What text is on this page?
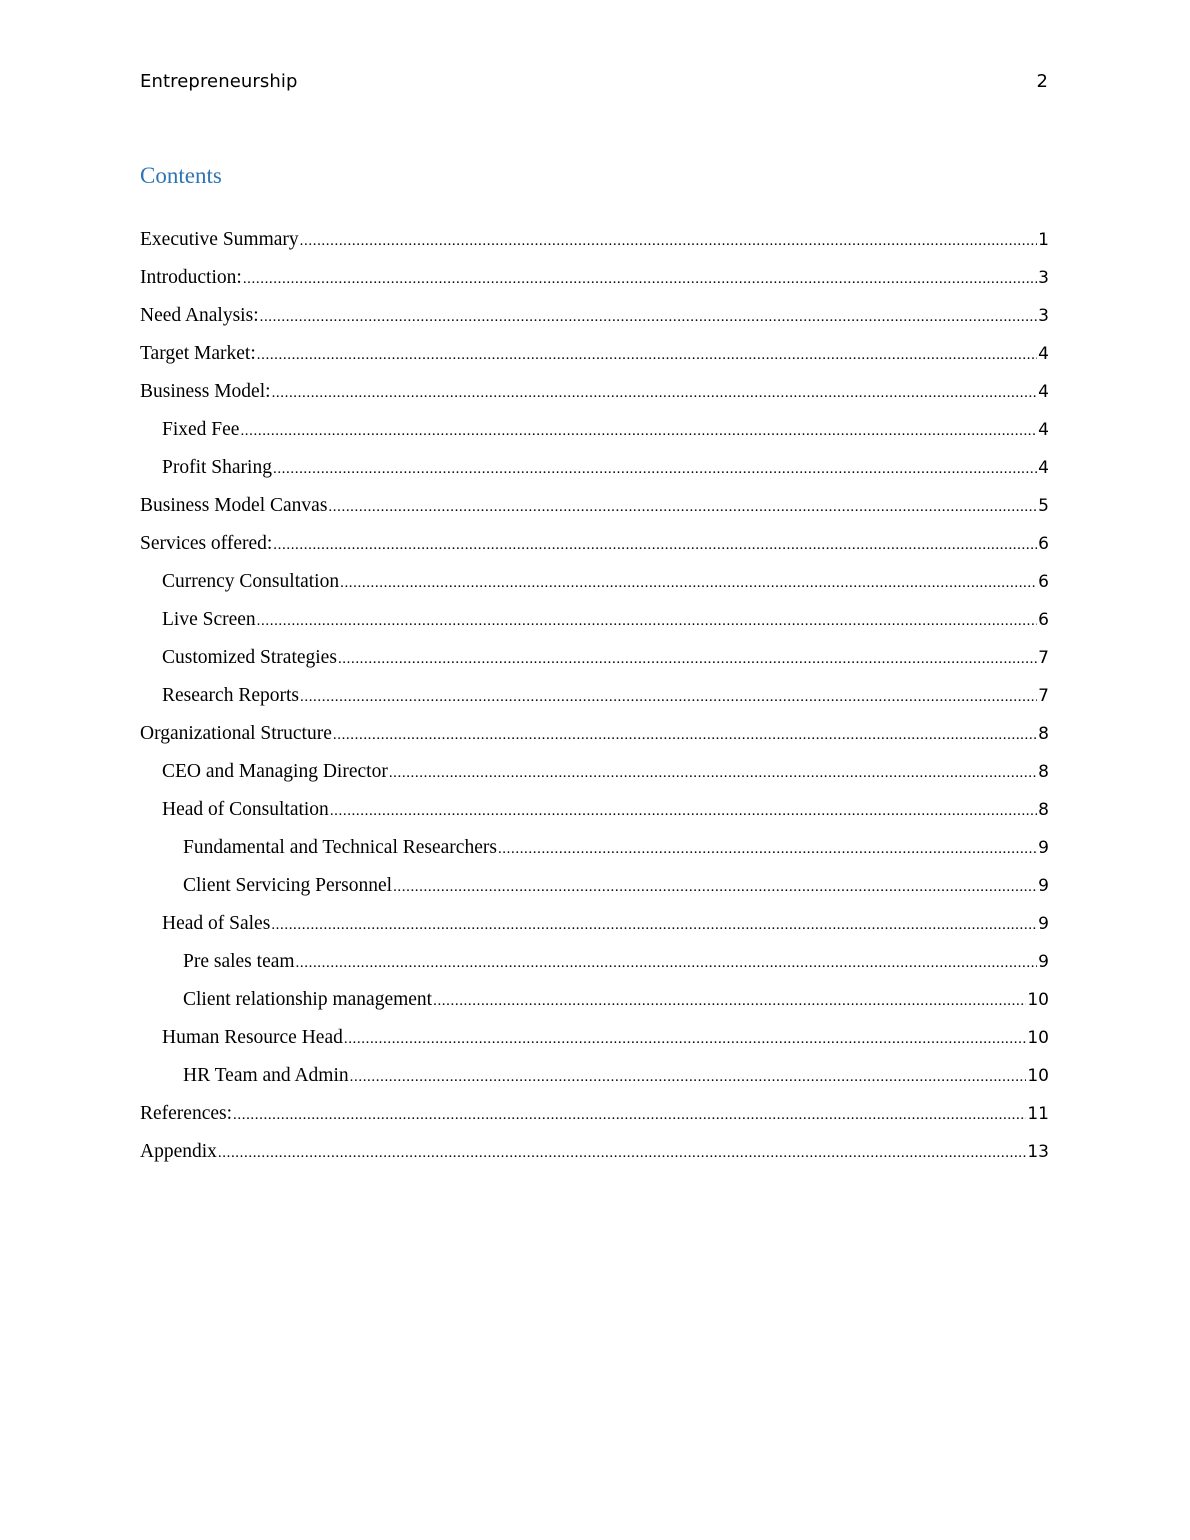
Entrepreneurship	2
Contents
Executive Summary .....	1
Introduction: .....	3
Need Analysis: .....	3
Target Market: .....	4
Business Model: .....	4
Fixed Fee .....	4
Profit Sharing .....	4
Business Model Canvas .....	5
Services offered: .....	6
Currency Consultation .....	6
Live Screen .....	6
Customized Strategies .....	7
Research Reports .....	7
Organizational Structure .....	8
CEO and Managing Director .....	8
Head of Consultation .....	8
Fundamental and Technical Researchers .....	9
Client Servicing Personnel .....	9
Head of Sales .....	9
Pre sales team .....	9
Client relationship management .....	10
Human Resource Head .....	10
HR Team and Admin .....	10
References: .....	11
Appendix .....	13
